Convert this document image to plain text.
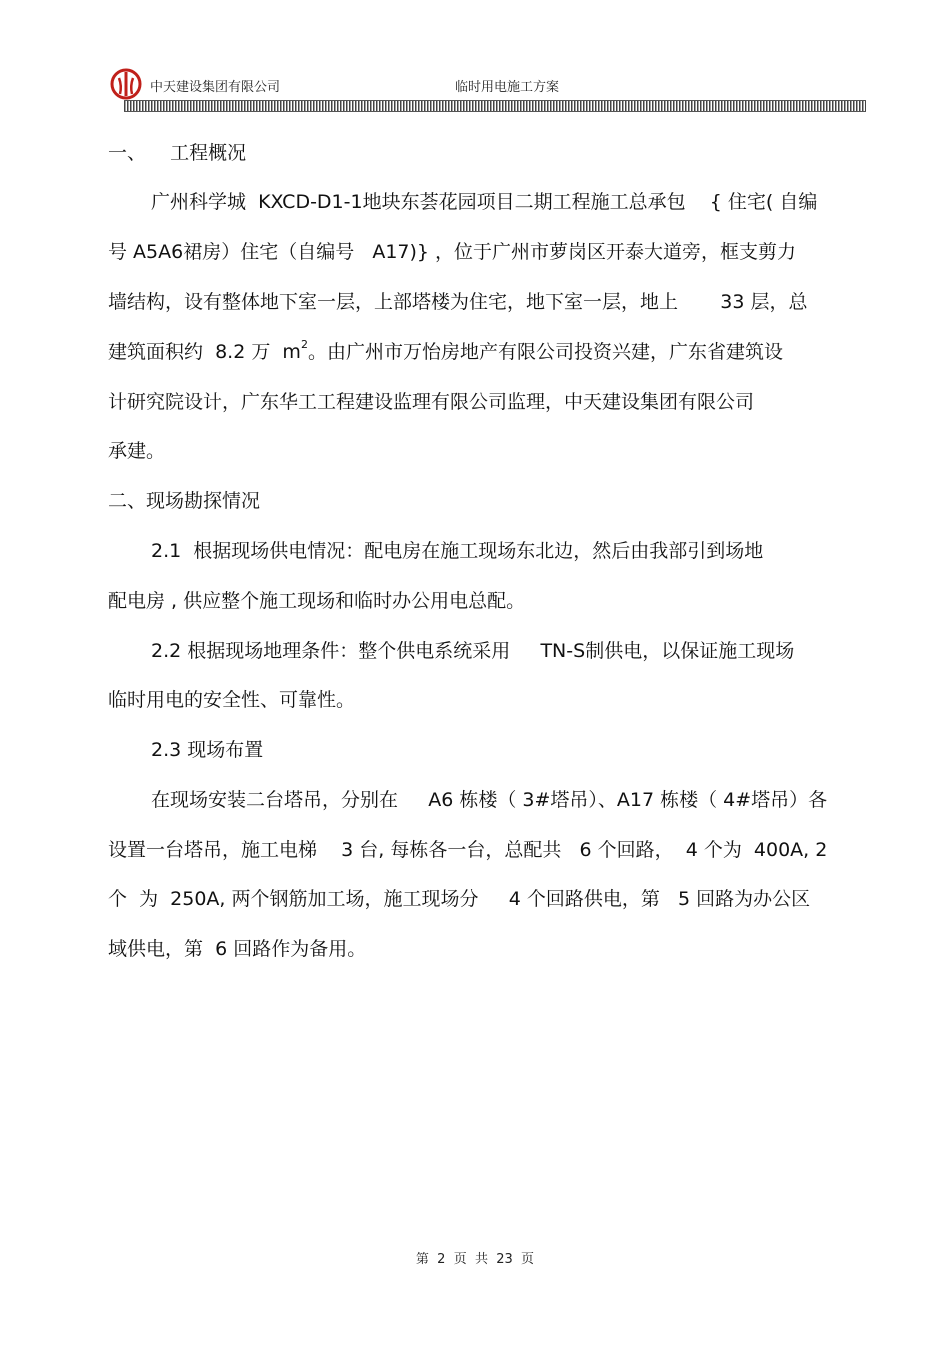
中天建设集团有限公司	临时用电施工方案
一、    工程概况
广州科学城  KXCD-D1-1地块东荟花园项目二期工程施工总承包    { 住宅( 自编
号 A5A6裙房）住宅（自编号   A17)} ，位于广州市萝岗区开泰大道旁，框支剪力
墙结构，设有整体地下室一层，上部塔楼为住宅，地下室一层，地上       33 层，总
建筑面积约  8.2 万  $m^2$。由广州市万怡房地产有限公司投资兴建，广东省建筑设
计研究院设计，广东华工工程建设监理有限公司监理，中天建设集团有限公司
承建。
二、现场勘探情况
2.1  根据现场供电情况：配电房在施工现场东北边，然后由我部引到场地
配电房 , 供应整个施工现场和临时办公用电总配。
2.2 根据现场地理条件：整个供电系统采用     TN-S制供电，以保证施工现场
临时用电的安全性、可靠性。
2.3 现场布置
在现场安装二台塔吊，分别在     A6 栋楼（ 3#塔吊）、A17 栋楼（ 4#塔吊）各
设置一台塔吊，施工电梯    3 台, 每栋各一台，总配共   6 个回路，  4 个为  400A, 2
个  为  250A, 两个钢筋加工场，施工现场分     4 个回路供电，第   5 回路为办公区
域供电，第  6 回路作为备用。
第  2  页  共  23  页
